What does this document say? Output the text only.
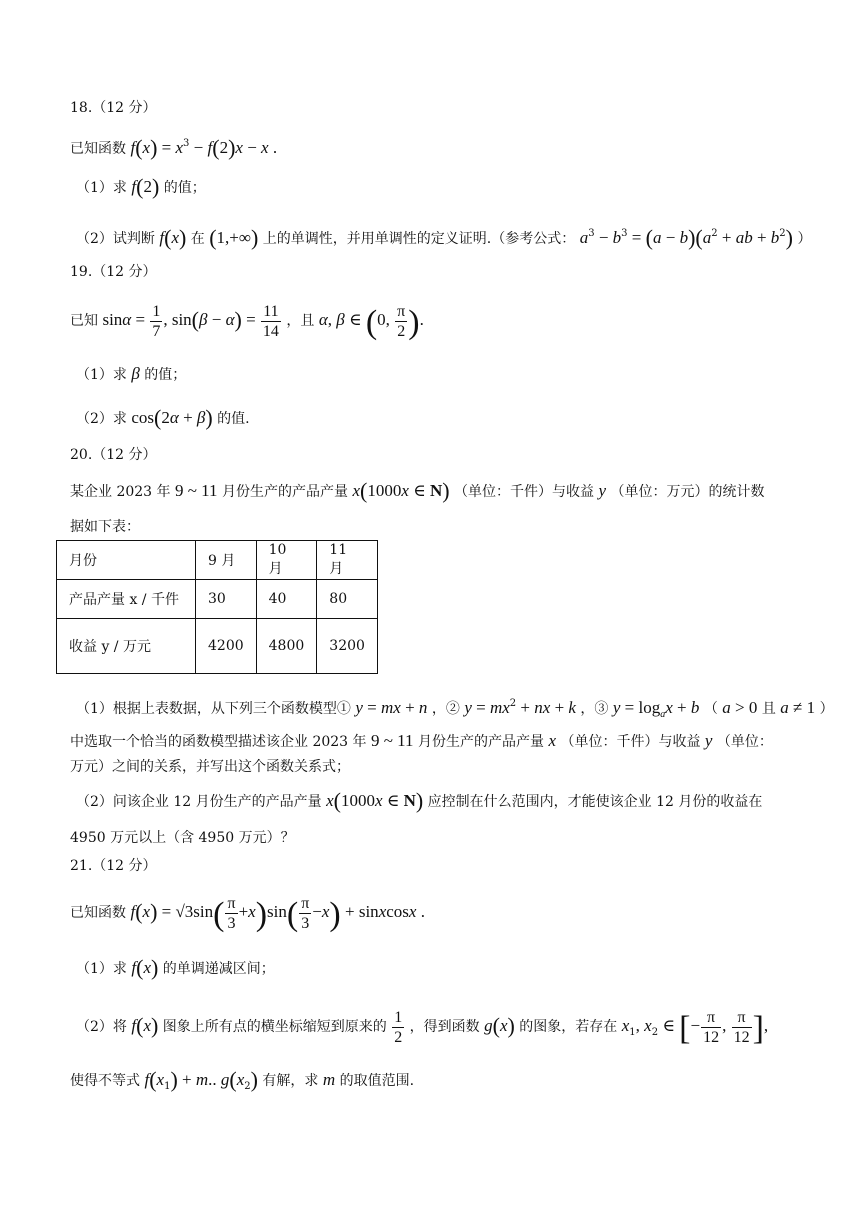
18.（12 分）
已知函数 $f(x) = x^3 - f(2)x - x$ .
（1）求 f(2) 的值；
（2）试判断 f(x) 在 (1,+∞) 上的单调性，并用单调性的定义证明.（参考公式： $a^3 - b^3 = (a - b)(a^2$ + ab + $b^2$) ）
19.（12 分）
已知 $\sin\alpha = \frac{1}{7}$ , $\sin(\beta - \alpha) = \frac{11}{14}$ ，且 α, β ∈ (0, $\frac{\pi}{2}$ ).
（1）求 β 的值；
（2）求 cos(2α + β) 的值.
20.（12 分）
某企业 2023 年 9 ~ 11 月份生产的产品产量 x(1000x ∈ N) （单位：千件）与收益 y （单位：万元）的统计数
据如下表：
月份	9 月	10 月	11 月
产品产量 x / 千件	30	40	80
收益 y / 万元	4200	4800	3200
（1）根据上表数据，从下列三个函数模型① y = mx + n ，② $y = mx^2$ + nx + k ，③ $y = \log_ax + b$ （ a > 0 且 a ≠ 1 ）
中选取一个恰当的函数模型描述该企业 2023 年 9 ~ 11 月份生产的产品产量 x （单位：千件）与收益 y （单位：
万元）之间的关系，并写出这个函数关系式；
（2）问该企业 12 月份生产的产品产量 x(1000x ∈ N) 应控制在什么范围内，才能使该企业 12 月份的收益在
4950 万元以上（含 4950 万元）？
21.（12 分）
已知函数 $f(x) = √3\sin( \frac{\pi}{3} +x)\sin( \frac{\pi}{3} -x)$ + sinxcosx .
（1）求 f(x) 的单调递减区间；
（2）将 f(x) 图象上所有点的横坐标缩短到原来的 $\frac{1}{2}$ ，得到函数 g(x) 的图象，若存在 $x_1$, $x_2$ ∈ [− $\frac{\pi}{12}$ , $\frac{\pi}{12}$ ],
使得不等式 $f(x_1) + m$.. $g(x_2)$ 有解，求 m 的取值范围.
